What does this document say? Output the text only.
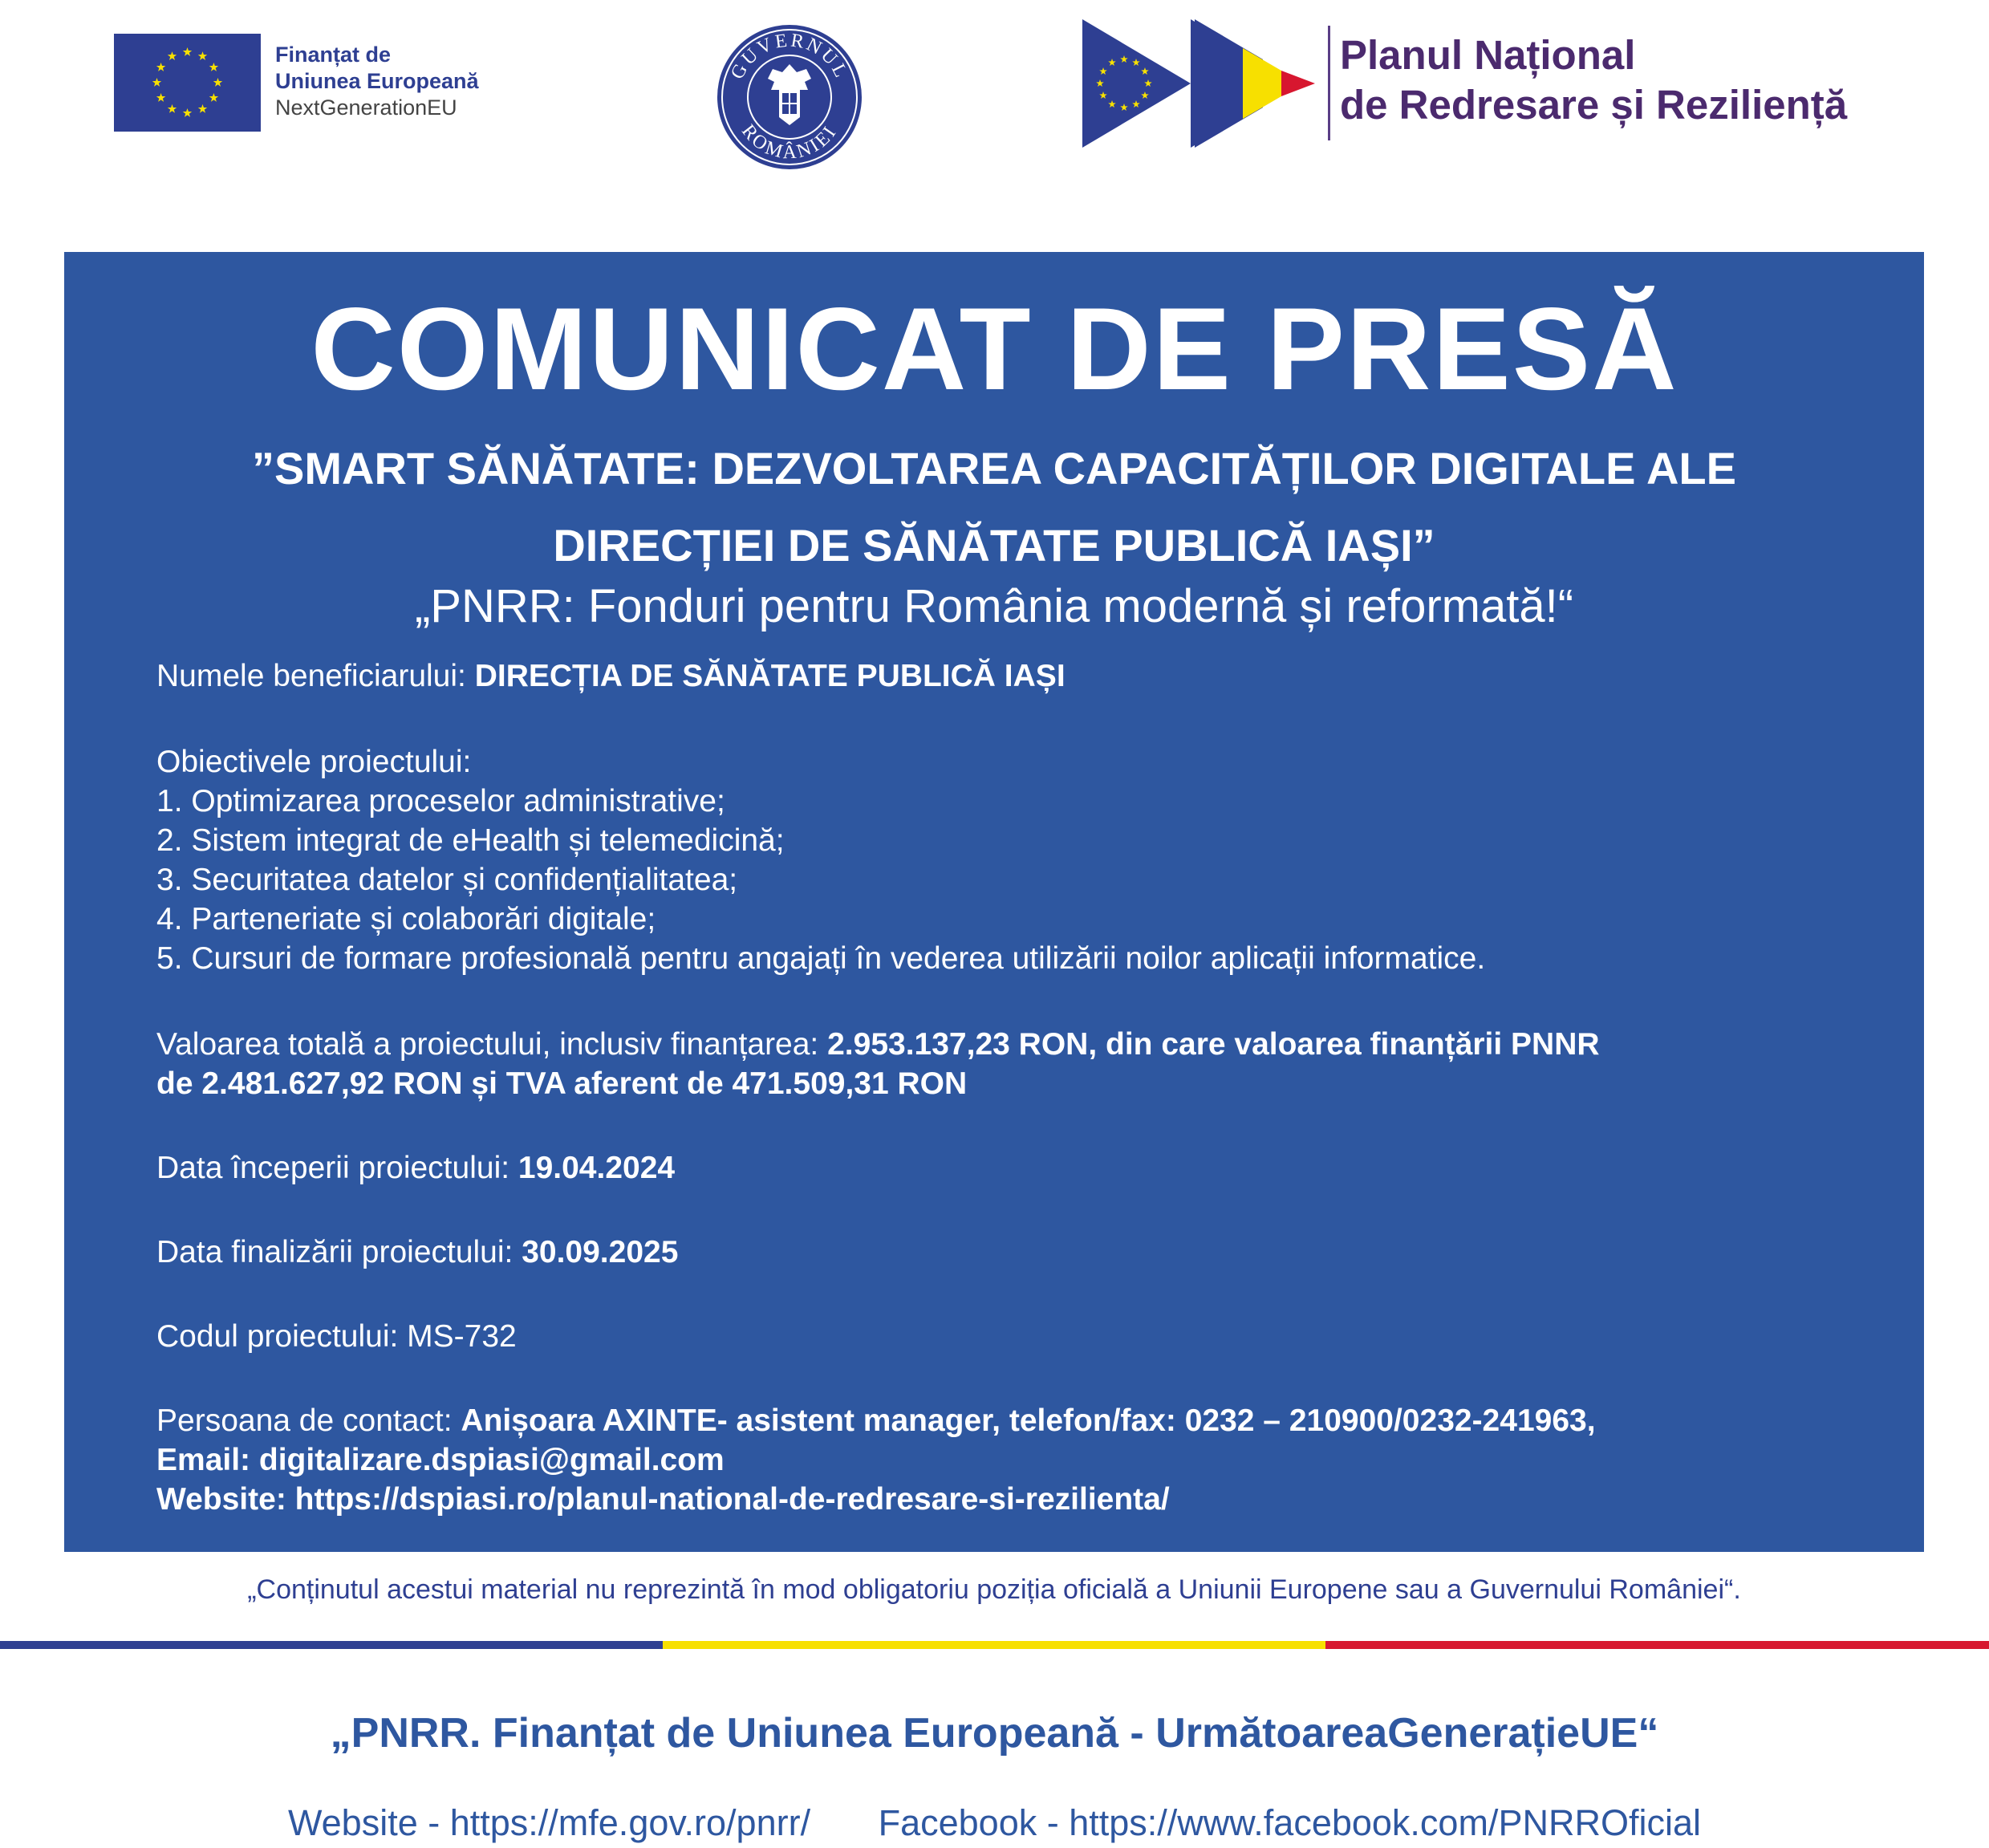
Finanțat de
Uniunea Europeană
NextGenerationEU
GUVERNUL
ROMÂNIEI
Planul Național
de Redresare și Reziliență
COMUNICAT DE PRESĂ
”SMART SĂNĂTATE: DEZVOLTAREA CAPACITĂȚILOR DIGITALE ALE
DIRECȚIEI DE SĂNĂTATE PUBLICĂ IAȘI”
„PNRR: Fonduri pentru România modernă și reformată!“

Numele beneficiarului: DIRECȚIA DE SĂNĂTATE PUBLICĂ IAȘI

Obiectivele proiectului:

1. Optimizarea proceselor administrative;

2. Sistem integrat de eHealth și telemedicină;

3. Securitatea datelor și confidențialitatea;

4. Parteneriate și colaborări digitale;

5. Cursuri de formare profesională pentru angajați în vederea utilizării noilor aplicații informatice.

Valoarea totală a proiectului, inclusiv finanțarea: 2.953.137,23 RON, din care valoarea finanțării PNNR

de 2.481.627,92 RON și TVA aferent de 471.509,31 RON

Data începerii proiectului: 19.04.2024

Data finalizării proiectului: 30.09.2025

Codul proiectului: MS-732

Persoana de contact: Anișoara AXINTE- asistent manager, telefon/fax: 0232 – 210900/0232-241963,

Email: digitalizare.dspiasi@gmail.com

Website: https://dspiasi.ro/planul-national-de-redresare-si-rezilienta/

„Conținutul acestui material nu reprezintă în mod obligatoriu poziția oficială a Uniunii Europene sau a Guvernului României“.
„PNRR. Finanțat de Uniunea Europeană - UrmătoareaGenerațieUE“
Website - https://mfe.gov.ro/pnrr/ Facebook - https://www.facebook.com/PNRROficial
